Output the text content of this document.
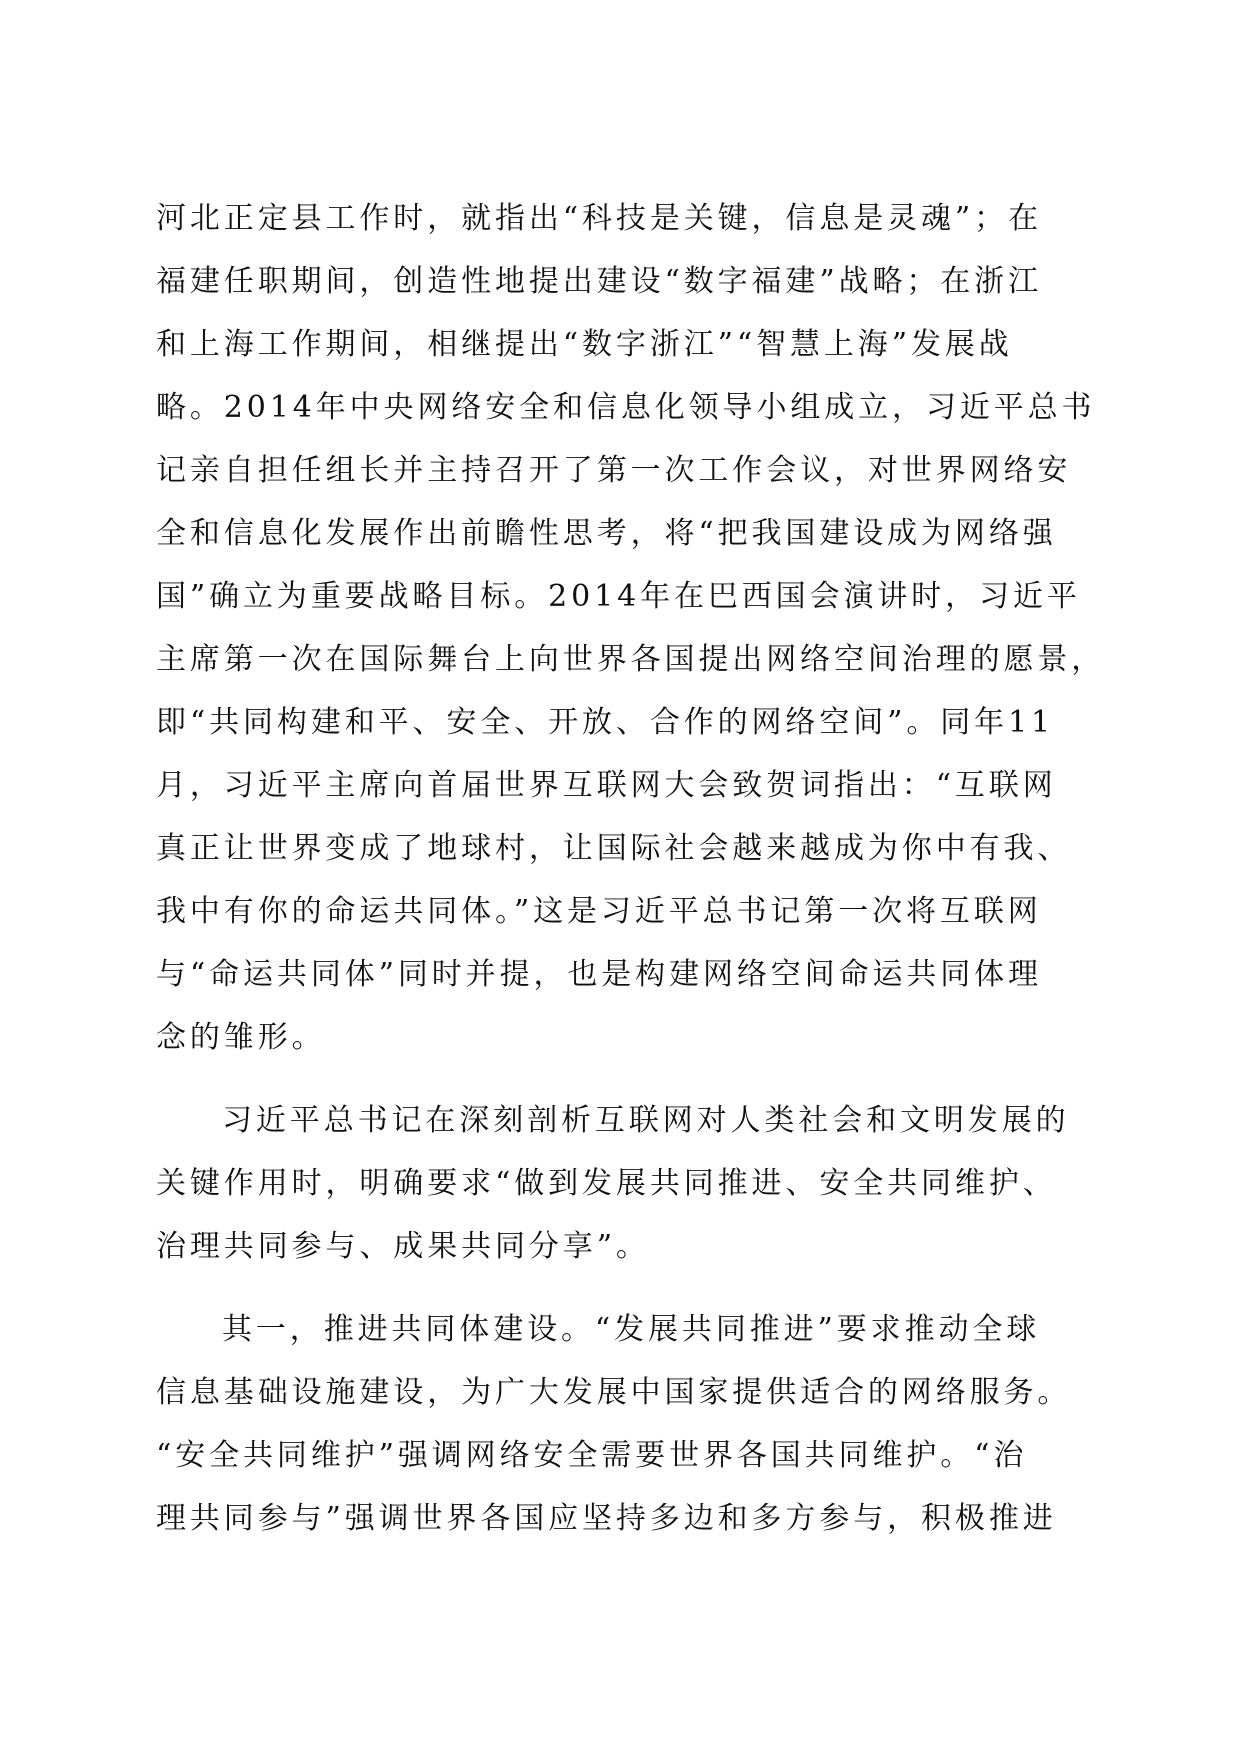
河北正定县工作时，就指出“科技是关键，信息是灵魂”；在
福建任职期间，创造性地提出建设“数字福建”战略；在浙江
和上海工作期间，相继提出“数字浙江”“智慧上海”发展战
略。2014年中央网络安全和信息化领导小组成立，习近平总书
记亲自担任组长并主持召开了第一次工作会议，对世界网络安
全和信息化发展作出前瞻性思考，将“把我国建设成为网络强
国”确立为重要战略目标。2014年在巴西国会演讲时，习近平
主席第一次在国际舞台上向世界各国提出网络空间治理的愿景，
即“共同构建和平、安全、开放、合作的网络空间”。同年11
月，习近平主席向首届世界互联网大会致贺词指出：“互联网
真正让世界变成了地球村，让国际社会越来越成为你中有我、
我中有你的命运共同体。”这是习近平总书记第一次将互联网
与“命运共同体”同时并提，也是构建网络空间命运共同体理
念的雏形。
习近平总书记在深刻剖析互联网对人类社会和文明发展的
关键作用时，明确要求“做到发展共同推进、安全共同维护、
治理共同参与、成果共同分享”。
其一，推进共同体建设。“发展共同推进”要求推动全球
信息基础设施建设，为广大发展中国家提供适合的网络服务。
“安全共同维护”强调网络安全需要世界各国共同维护。“治
理共同参与”强调世界各国应坚持多边和多方参与，积极推进
